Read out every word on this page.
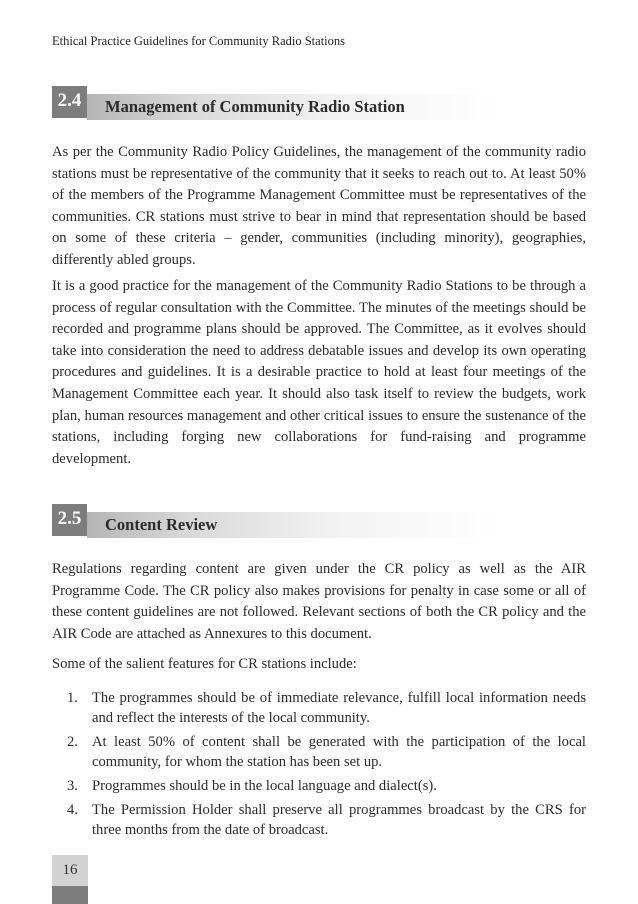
Ethical Practice Guidelines for Community Radio Stations
2.4	Management of Community Radio Station

As per the Community Radio Policy Guidelines, the management of the community radio stations must be representative of the community that it seeks to reach out to. At least 50% of the members of the Programme Management Committee must be representatives of the communities. CR stations must strive to bear in mind that representation should be based on some of these criteria – gender, communities (including minority), geographies, differently abled groups.

It is a good practice for the management of the Community Radio Stations to be through a process of regular consultation with the Committee. The minutes of the meetings should be recorded and programme plans should be approved. The Committee, as it evolves should take into consideration the need to address debatable issues and develop its own operating procedures and guidelines. It is a desirable practice to hold at least four meetings of the Management Committee each year. It should also task itself to review the budgets, work plan, human resources management and other critical issues to ensure the sustenance of the stations, including forging new collaborations for fund-raising and programme development.

2.5	Content Review

Regulations regarding content are given under the CR policy as well as the AIR Programme Code. The CR policy also makes provisions for penalty in case some or all of these content guidelines are not followed. Relevant sections of both the CR policy and the AIR Code are attached as Annexures to this document.

Some of the salient features for CR stations include:

1. The programmes should be of immediate relevance, fulfill local information needs and reflect the interests of the local community.
2. At least 50% of content shall be generated with the participation of the local community, for whom the station has been set up.
3. Programmes should be in the local language and dialect(s).
4. The Permission Holder shall preserve all programmes broadcast by the CRS for three months from the date of broadcast.
16
